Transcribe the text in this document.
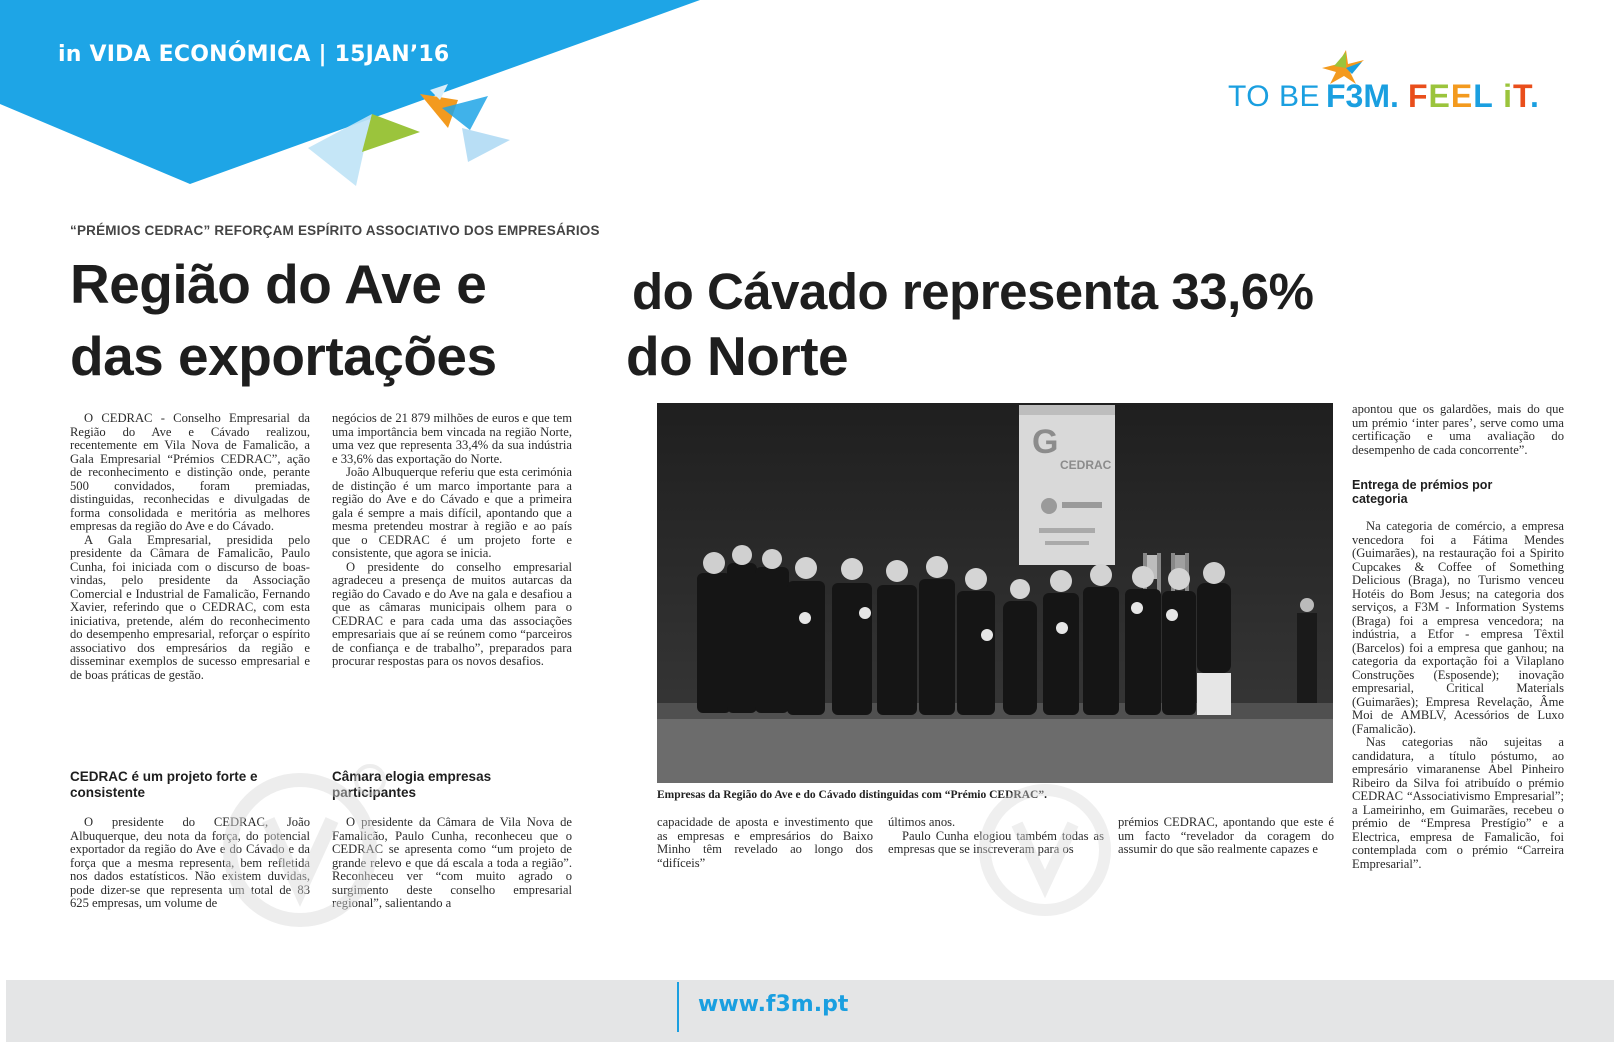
in VIDA ECONÓMICA | 15JAN’16
TO BE F3M. FEEL iT.
“PRÉMIOS CEDRAC” REFORÇAM ESPÍRITO ASSOCIATIVO DOS EMPRESÁRIOS
Região do Ave e	do Cávado representa 33,6%
das exportações do Norte

O CEDRAC - Conselho Empresarial da Região do Ave e Cávado realizou, recentemente em Vila Nova de Famalicão, a Gala Empresarial “Prémios CEDRAC”, ação de reconhecimento e distinção onde, perante 500 convidados, foram premiadas, distinguidas, reconhecidas e divulgadas de forma consolidada e meritória as melhores empresas da região do Ave e do Cávado.

A Gala Empresarial, presidida pelo presidente da Câmara de Famalicão, Paulo Cunha, foi iniciada com o discurso de boas-vindas, pelo presidente da Associação Comercial e Industrial de Famalicão, Fernando Xavier, referindo que o CEDRAC, com esta iniciativa, pretende, além do reconhecimento do desempenho empresarial, reforçar o espírito associativo dos empresários da região e disseminar exemplos de sucesso empresarial e de boas práticas de gestão.

CEDRAC é um projeto forte e consistente

O presidente do CEDRAC, João Albuquerque, deu nota da força, do potencial exportador da região do Ave e do Cávado e da força que a mesma representa, bem refletida nos dados estatísticos. Não existem duvidas, pode dizer-se que representa um total de 83 625 empresas, um volume de

negócios de 21 879 milhões de euros e que tem uma importância bem vincada na região Norte, uma vez que representa 33,4% da sua indústria e 33,6% das exportação do Norte.

João Albuquerque referiu que esta cerimónia de distinção é um marco importante para a região do Ave e do Cávado e que a primeira gala é sempre a mais difícil, apontando que a mesma pretendeu mostrar à região e ao país que o CEDRAC é um projeto forte e consistente, que agora se inicia.

O presidente do conselho empresarial agradeceu a presença de muitos autarcas da região do Cavado e do Ave na gala e desafiou a que as câmaras municipais olhem para o CEDRAC e para cada uma das associações empresariais que aí se reúnem como “parceiros de confiança e de trabalho”, preparados para procurar respostas para os novos desafios.

Câmara elogia empresas participantes

O presidente da Câmara de Vila Nova de Famalicão, Paulo Cunha, reconheceu que o CEDRAC se apresenta como “um projeto de grande relevo e que dá escala a toda a região”. Reconheceu ver “com muito agrado o surgimento deste conselho empresarial regional”, salientando a

G
CEDRAC
Empresas da Região do Ave e do Cávado distinguidas com “Prémio CEDRAC”.

capacidade de aposta e investimento que as empresas e empresários do Baixo Minho têm revelado ao longo dos “difíceis”

últimos anos.

Paulo Cunha elogiou também todas as empresas que se inscreveram para os

prémios CEDRAC, apontando que este é um facto “revelador da coragem do assumir do que são realmente capazes e

apontou que os galardões, mais do que um prémio ‘inter pares’, serve como uma certificação e uma avaliação do desempenho de cada concorrente”.

Entrega de prémios por categoria

Na categoria de comércio, a empresa vencedora foi a Fátima Mendes (Guimarães), na restauração foi a Spirito Cupcakes & Coffee of Something Delicious (Braga), no Turismo venceu Hotéis do Bom Jesus; na categoria dos serviços, a F3M - Information Systems (Braga) foi a empresa vencedora; na indústria, a Etfor - empresa Têxtil (Barcelos) foi a empresa que ganhou; na categoria da exportação foi a Vilaplano Construções (Esposende); inovação empresarial, Critical Materials (Guimarães); Empresa Revelação, Âme Moi de AMBLV, Acessórios de Luxo (Famalicão).

Nas categorias não sujeitas a candidatura, a título póstumo, ao empresário vimaranense Abel Pinheiro Ribeiro da Silva foi atribuído o prémio CEDRAC “Associativismo Empresarial”; a Lameirinho, em Guimarães, recebeu o prémio de “Empresa Prestígio” e a Electrica, empresa de Famalicão, foi contemplada com o prémio “Carreira Empresarial”.

www.f3m.pt
